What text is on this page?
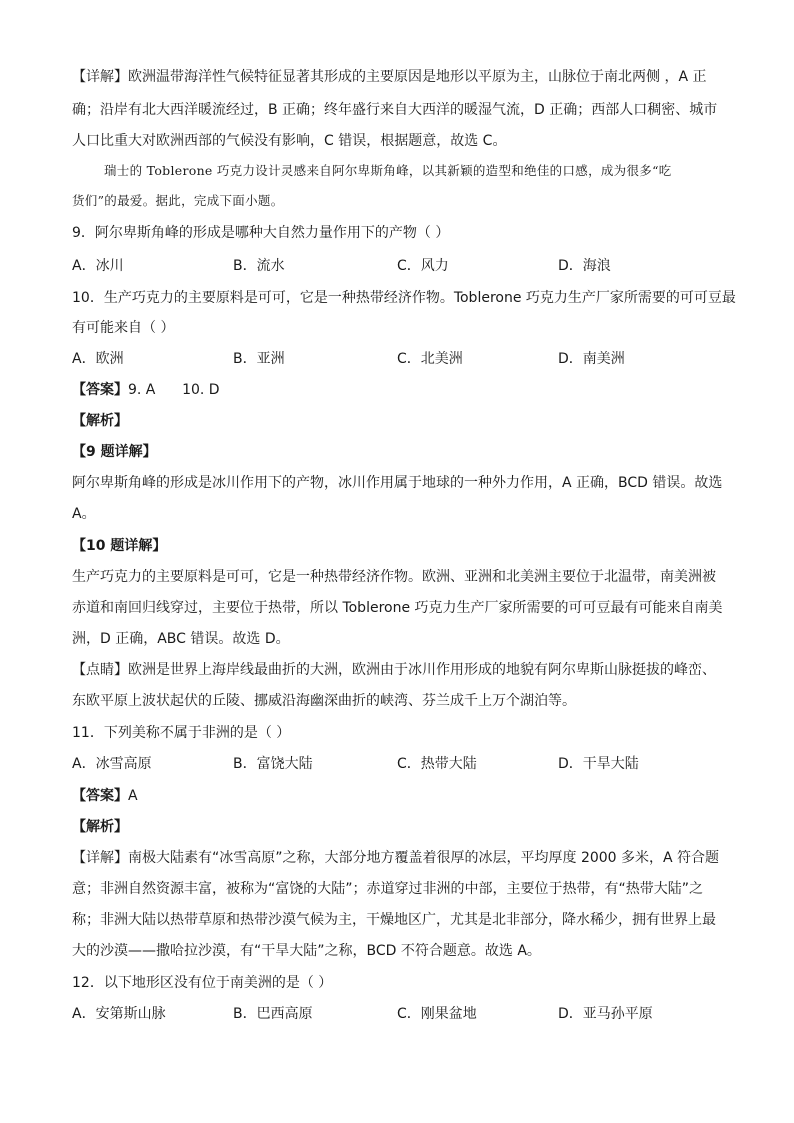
【详解】欧洲温带海洋性气候特征显著其形成的主要原因是地形以平原为主，山脉位于南北两侧 ，A 正
确；沿岸有北大西洋暖流经过，B 正确；终年盛行来自大西洋的暖湿气流，D 正确；西部人口稠密、城市
人口比重大对欧洲西部的气候没有影响，C 错误，根据题意，故选 C。
瑞士的 Toblerone 巧克力设计灵感来自阿尔卑斯角峰，以其新颖的造型和绝佳的口感，成为很多“吃
货们”的最爱。据此，完成下面小题。
9．阿尔卑斯角峰的形成是哪种大自然力量作用下的产物（ ）
A．冰川	B．流水	C．风力	D．海浪
10．生产巧克力的主要原料是可可，它是一种热带经济作物。Toblerone 巧克力生产厂家所需要的可可豆最
有可能来自（ ）
A．欧洲	B．亚洲	C．北美洲	D．南美洲
【答案】9. A      10. D
【解析】
【9 题详解】
阿尔卑斯角峰的形成是冰川作用下的产物，冰川作用属于地球的一种外力作用，A 正确，BCD 错误。故选
A。
【10 题详解】
生产巧克力的主要原料是可可，它是一种热带经济作物。欧洲、亚洲和北美洲主要位于北温带，南美洲被
赤道和南回归线穿过，主要位于热带，所以 Toblerone 巧克力生产厂家所需要的可可豆最有可能来自南美
洲，D 正确，ABC 错误。故选 D。
【点睛】欧洲是世界上海岸线最曲折的大洲，欧洲由于冰川作用形成的地貌有阿尔卑斯山脉挺拔的峰峦、
东欧平原上波状起伏的丘陵、挪威沿海幽深曲折的峡湾、芬兰成千上万个湖泊等。
11．下列美称不属于非洲的是（ ）
A．冰雪高原	B．富饶大陆	C．热带大陆	D．干旱大陆
【答案】A
【解析】
【详解】南极大陆素有“冰雪高原”之称，大部分地方覆盖着很厚的冰层，平均厚度 2000 多米，A 符合题
意；非洲自然资源丰富，被称为“富饶的大陆”；赤道穿过非洲的中部，主要位于热带，有“热带大陆”之
称；非洲大陆以热带草原和热带沙漠气候为主，干燥地区广，尤其是北非部分，降水稀少，拥有世界上最
大的沙漠——撒哈拉沙漠，有“干旱大陆”之称，BCD 不符合题意。故选 A。
12．以下地形区没有位于南美洲的是（ ）
A．安第斯山脉	B．巴西高原	C．刚果盆地	D．亚马孙平原
